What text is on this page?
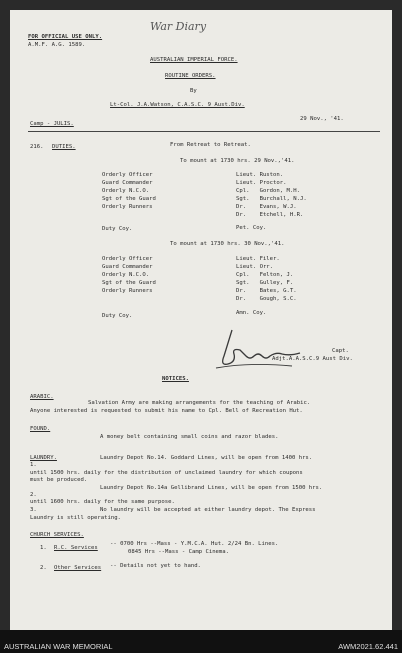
War Diary
FOR OFFICIAL USE ONLY.
A.M.F. A.G. 1589.
AUSTRALIAN IMPERIAL FORCE.
ROUTINE ORDERS.
By
Lt-Col. J.A.Watson, C.A.S.C. 9 Aust.Div.
Camp - JULIS.
29 Nov., '41.
216. DUTIES.	From Retreat to Retreat.
To mount at 1730 hrs. 29 Nov.,'41.
Orderly Officer	Lieut. Ruston.
Guard Commander	Lieut. Proctor.
Orderly N.C.O.	Cpl.   Gordon, M.H.
Sgt of the Guard	Sgt.   Burchall, N.J.
Orderly Runners	Dr.    Evans, W.J.
Dr.    Etchell, H.R.
Duty Coy.	Pet. Coy.
To mount at 1730 hrs. 30 Nov.,'41.
Orderly Officer	Lieut. Filer.
Guard Commander	Lieut. Orr.
Orderly N.C.O.	Cpl.   Felton, J.
Sgt of the Guard	Sgt.   Gulley, F.
Orderly Runners	Dr.    Bates, G.T.
Dr.    Gough, S.C.
Duty Coy.	Amn. Coy.
Capt.
Adjt.A.A.S.C.9 Aust Div.
NOTICES.
ARABIC.
Salvation Army are making arrangements for the teaching of Arabic.
Anyone interested is requested to submit his name to Cpl. Bell of Recreation Hut.
FOUND.
A money belt containing small coins and razor blades.
LAUNDRY.
1.
Laundry Depot No.14. Goddard Lines, will be open from 1400 hrs.
until 1500 hrs. daily for the distribution of unclaimed laundry for which coupons
must be produced.
Laundry Depot No.14a Gellibrand Lines, will be open from 1500 hrs.
2.
until 1600 hrs. daily for the same purpose.
No laundry will be accepted at either laundry depot. The Express
3.
Laundry is still operating.
CHURCH SERVICES.
1. R.C. Services
-- 0700 Hrs --Mass - Y.M.C.A. Hut. 2/24 Bn. Lines.
0845 Hrs --Mass - Camp Cinema.
2. Other Services -- Details not yet to hand.
AUSTRALIAN WAR MEMORIAL	AWM2021.62.441
